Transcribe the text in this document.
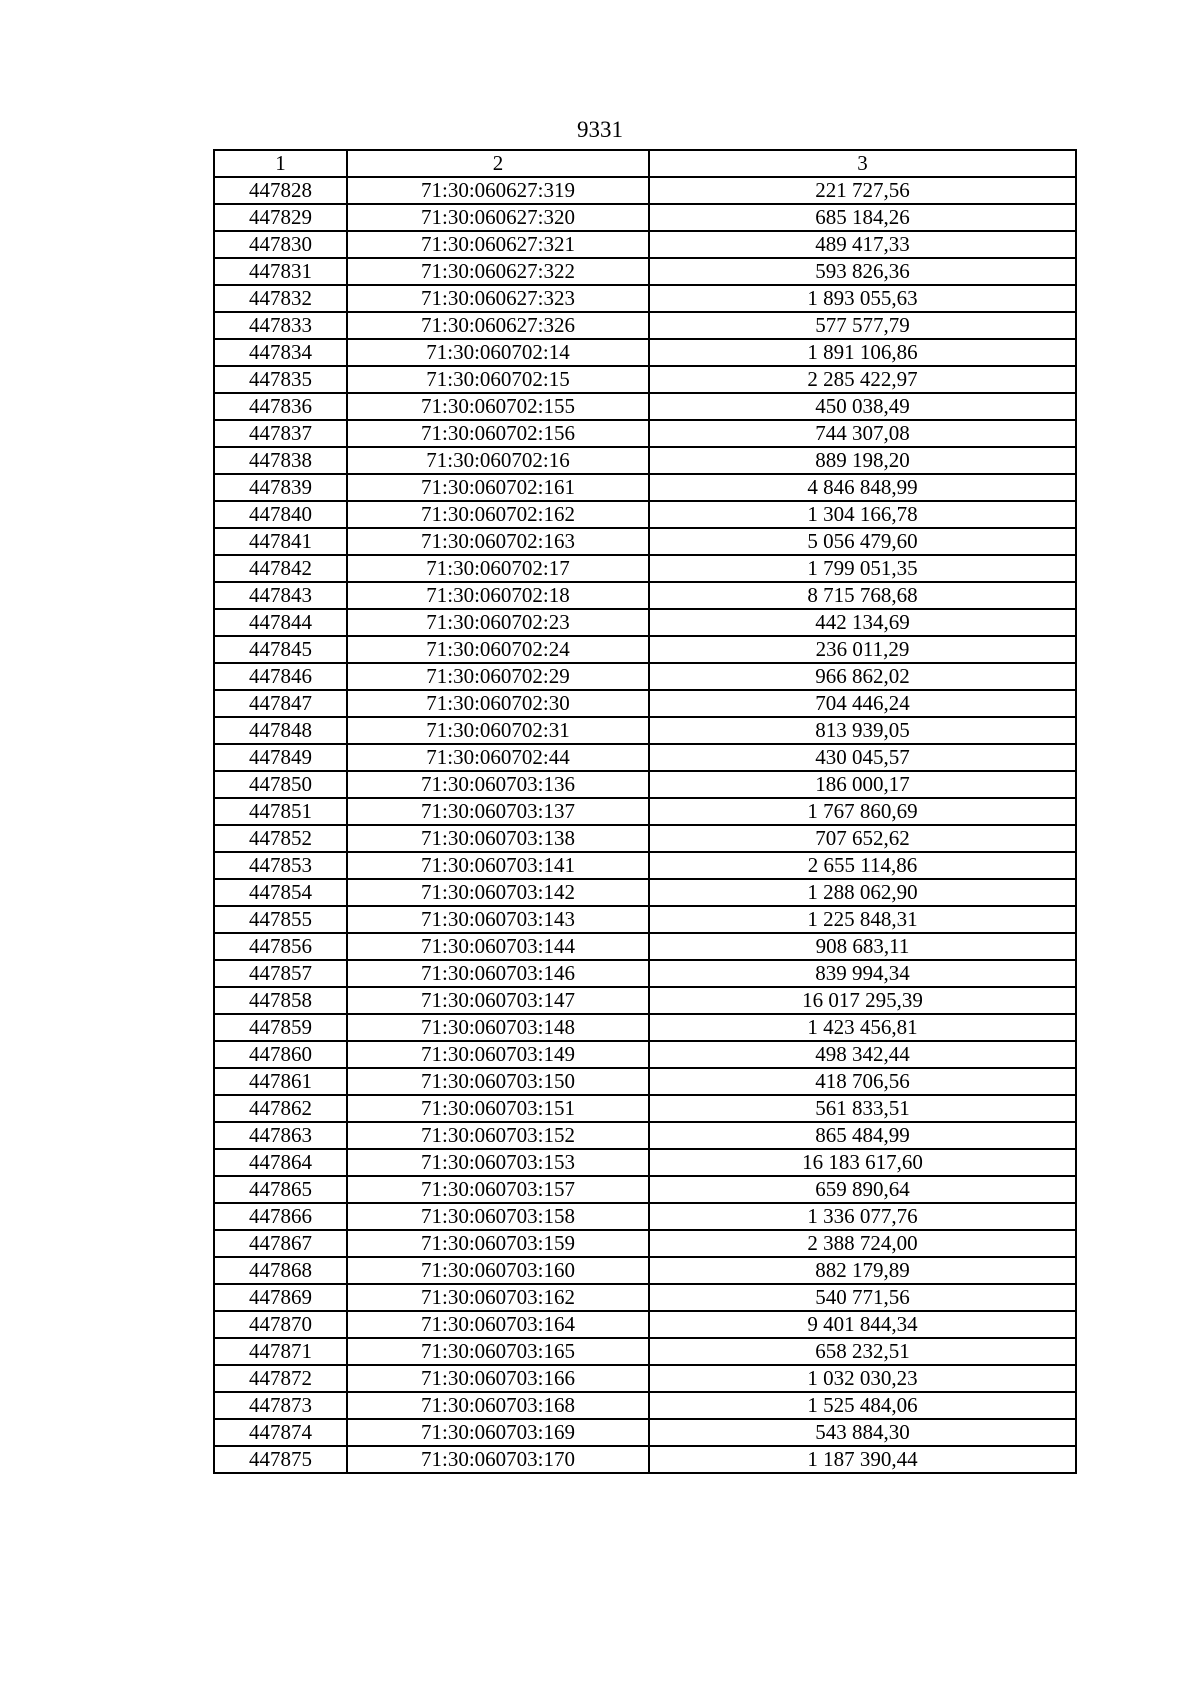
9331
1	2	3
447828	71:30:060627:319	221 727,56
447829	71:30:060627:320	685 184,26
447830	71:30:060627:321	489 417,33
447831	71:30:060627:322	593 826,36
447832	71:30:060627:323	1 893 055,63
447833	71:30:060627:326	577 577,79
447834	71:30:060702:14	1 891 106,86
447835	71:30:060702:15	2 285 422,97
447836	71:30:060702:155	450 038,49
447837	71:30:060702:156	744 307,08
447838	71:30:060702:16	889 198,20
447839	71:30:060702:161	4 846 848,99
447840	71:30:060702:162	1 304 166,78
447841	71:30:060702:163	5 056 479,60
447842	71:30:060702:17	1 799 051,35
447843	71:30:060702:18	8 715 768,68
447844	71:30:060702:23	442 134,69
447845	71:30:060702:24	236 011,29
447846	71:30:060702:29	966 862,02
447847	71:30:060702:30	704 446,24
447848	71:30:060702:31	813 939,05
447849	71:30:060702:44	430 045,57
447850	71:30:060703:136	186 000,17
447851	71:30:060703:137	1 767 860,69
447852	71:30:060703:138	707 652,62
447853	71:30:060703:141	2 655 114,86
447854	71:30:060703:142	1 288 062,90
447855	71:30:060703:143	1 225 848,31
447856	71:30:060703:144	908 683,11
447857	71:30:060703:146	839 994,34
447858	71:30:060703:147	16 017 295,39
447859	71:30:060703:148	1 423 456,81
447860	71:30:060703:149	498 342,44
447861	71:30:060703:150	418 706,56
447862	71:30:060703:151	561 833,51
447863	71:30:060703:152	865 484,99
447864	71:30:060703:153	16 183 617,60
447865	71:30:060703:157	659 890,64
447866	71:30:060703:158	1 336 077,76
447867	71:30:060703:159	2 388 724,00
447868	71:30:060703:160	882 179,89
447869	71:30:060703:162	540 771,56
447870	71:30:060703:164	9 401 844,34
447871	71:30:060703:165	658 232,51
447872	71:30:060703:166	1 032 030,23
447873	71:30:060703:168	1 525 484,06
447874	71:30:060703:169	543 884,30
447875	71:30:060703:170	1 187 390,44
